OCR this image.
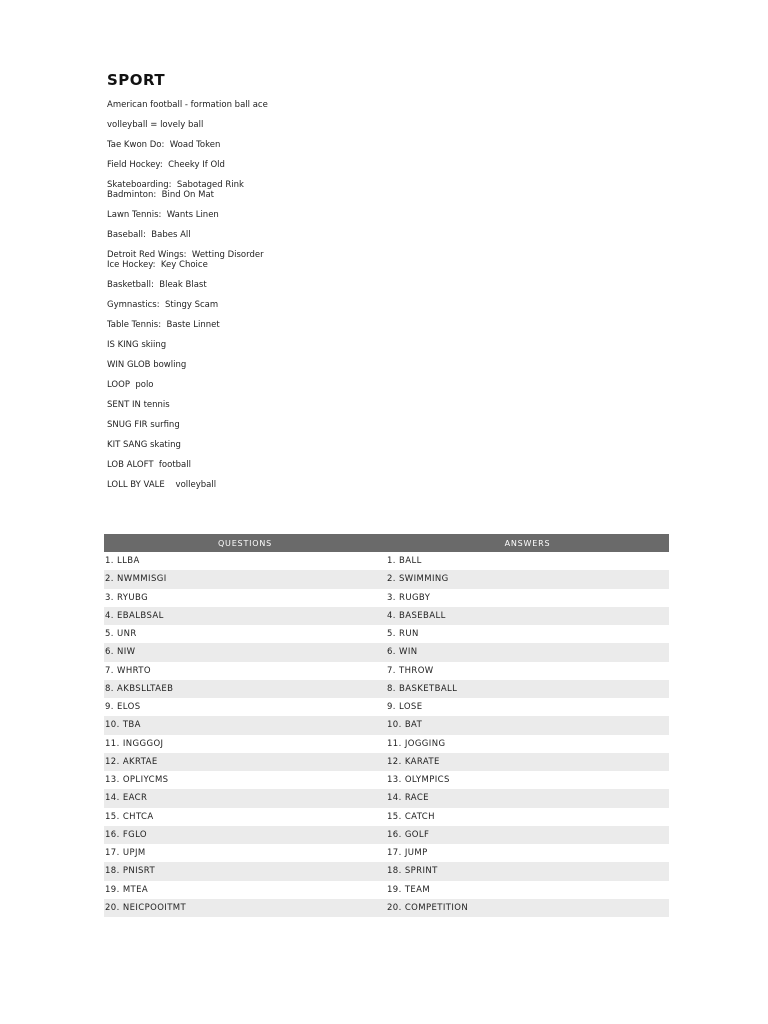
SPORT
American football - formation ball ace
volleyball = lovely ball
Tae Kwon Do:  Woad Token
Field Hockey:  Cheeky If Old
Skateboarding:  Sabotaged Rink
Badminton:  Bind On Mat
Lawn Tennis:  Wants Linen
Baseball:  Babes All
Detroit Red Wings:  Wetting Disorder
Ice Hockey:  Key Choice
Basketball:  Bleak Blast
Gymnastics:  Stingy Scam
Table Tennis:  Baste Linnet
IS KING skiing
WIN GLOB bowling
LOOP  polo
SENT IN tennis
SNUG FIR surfing
KIT SANG skating
LOB ALOFT  football
LOLL BY VALE    volleyball
QUESTIONS	ANSWERS
1. LLBA	1. BALL
2. NWMMISGI	2. SWIMMING
3. RYUBG	3. RUGBY
4. EBALBSAL	4. BASEBALL
5. UNR	5. RUN
6. NIW	6. WIN
7. WHRTO	7. THROW
8. AKBSLLTAEB	8. BASKETBALL
9. ELOS	9. LOSE
10. TBA	10. BAT
11. INGGGOJ	11. JOGGING
12. AKRTAE	12. KARATE
13. OPLIYCMS	13. OLYMPICS
14. EACR	14. RACE
15. CHTCA	15. CATCH
16. FGLO	16. GOLF
17. UPJM	17. JUMP
18. PNISRT	18. SPRINT
19. MTEA	19. TEAM
20. NEICPOOITMT	20. COMPETITION
